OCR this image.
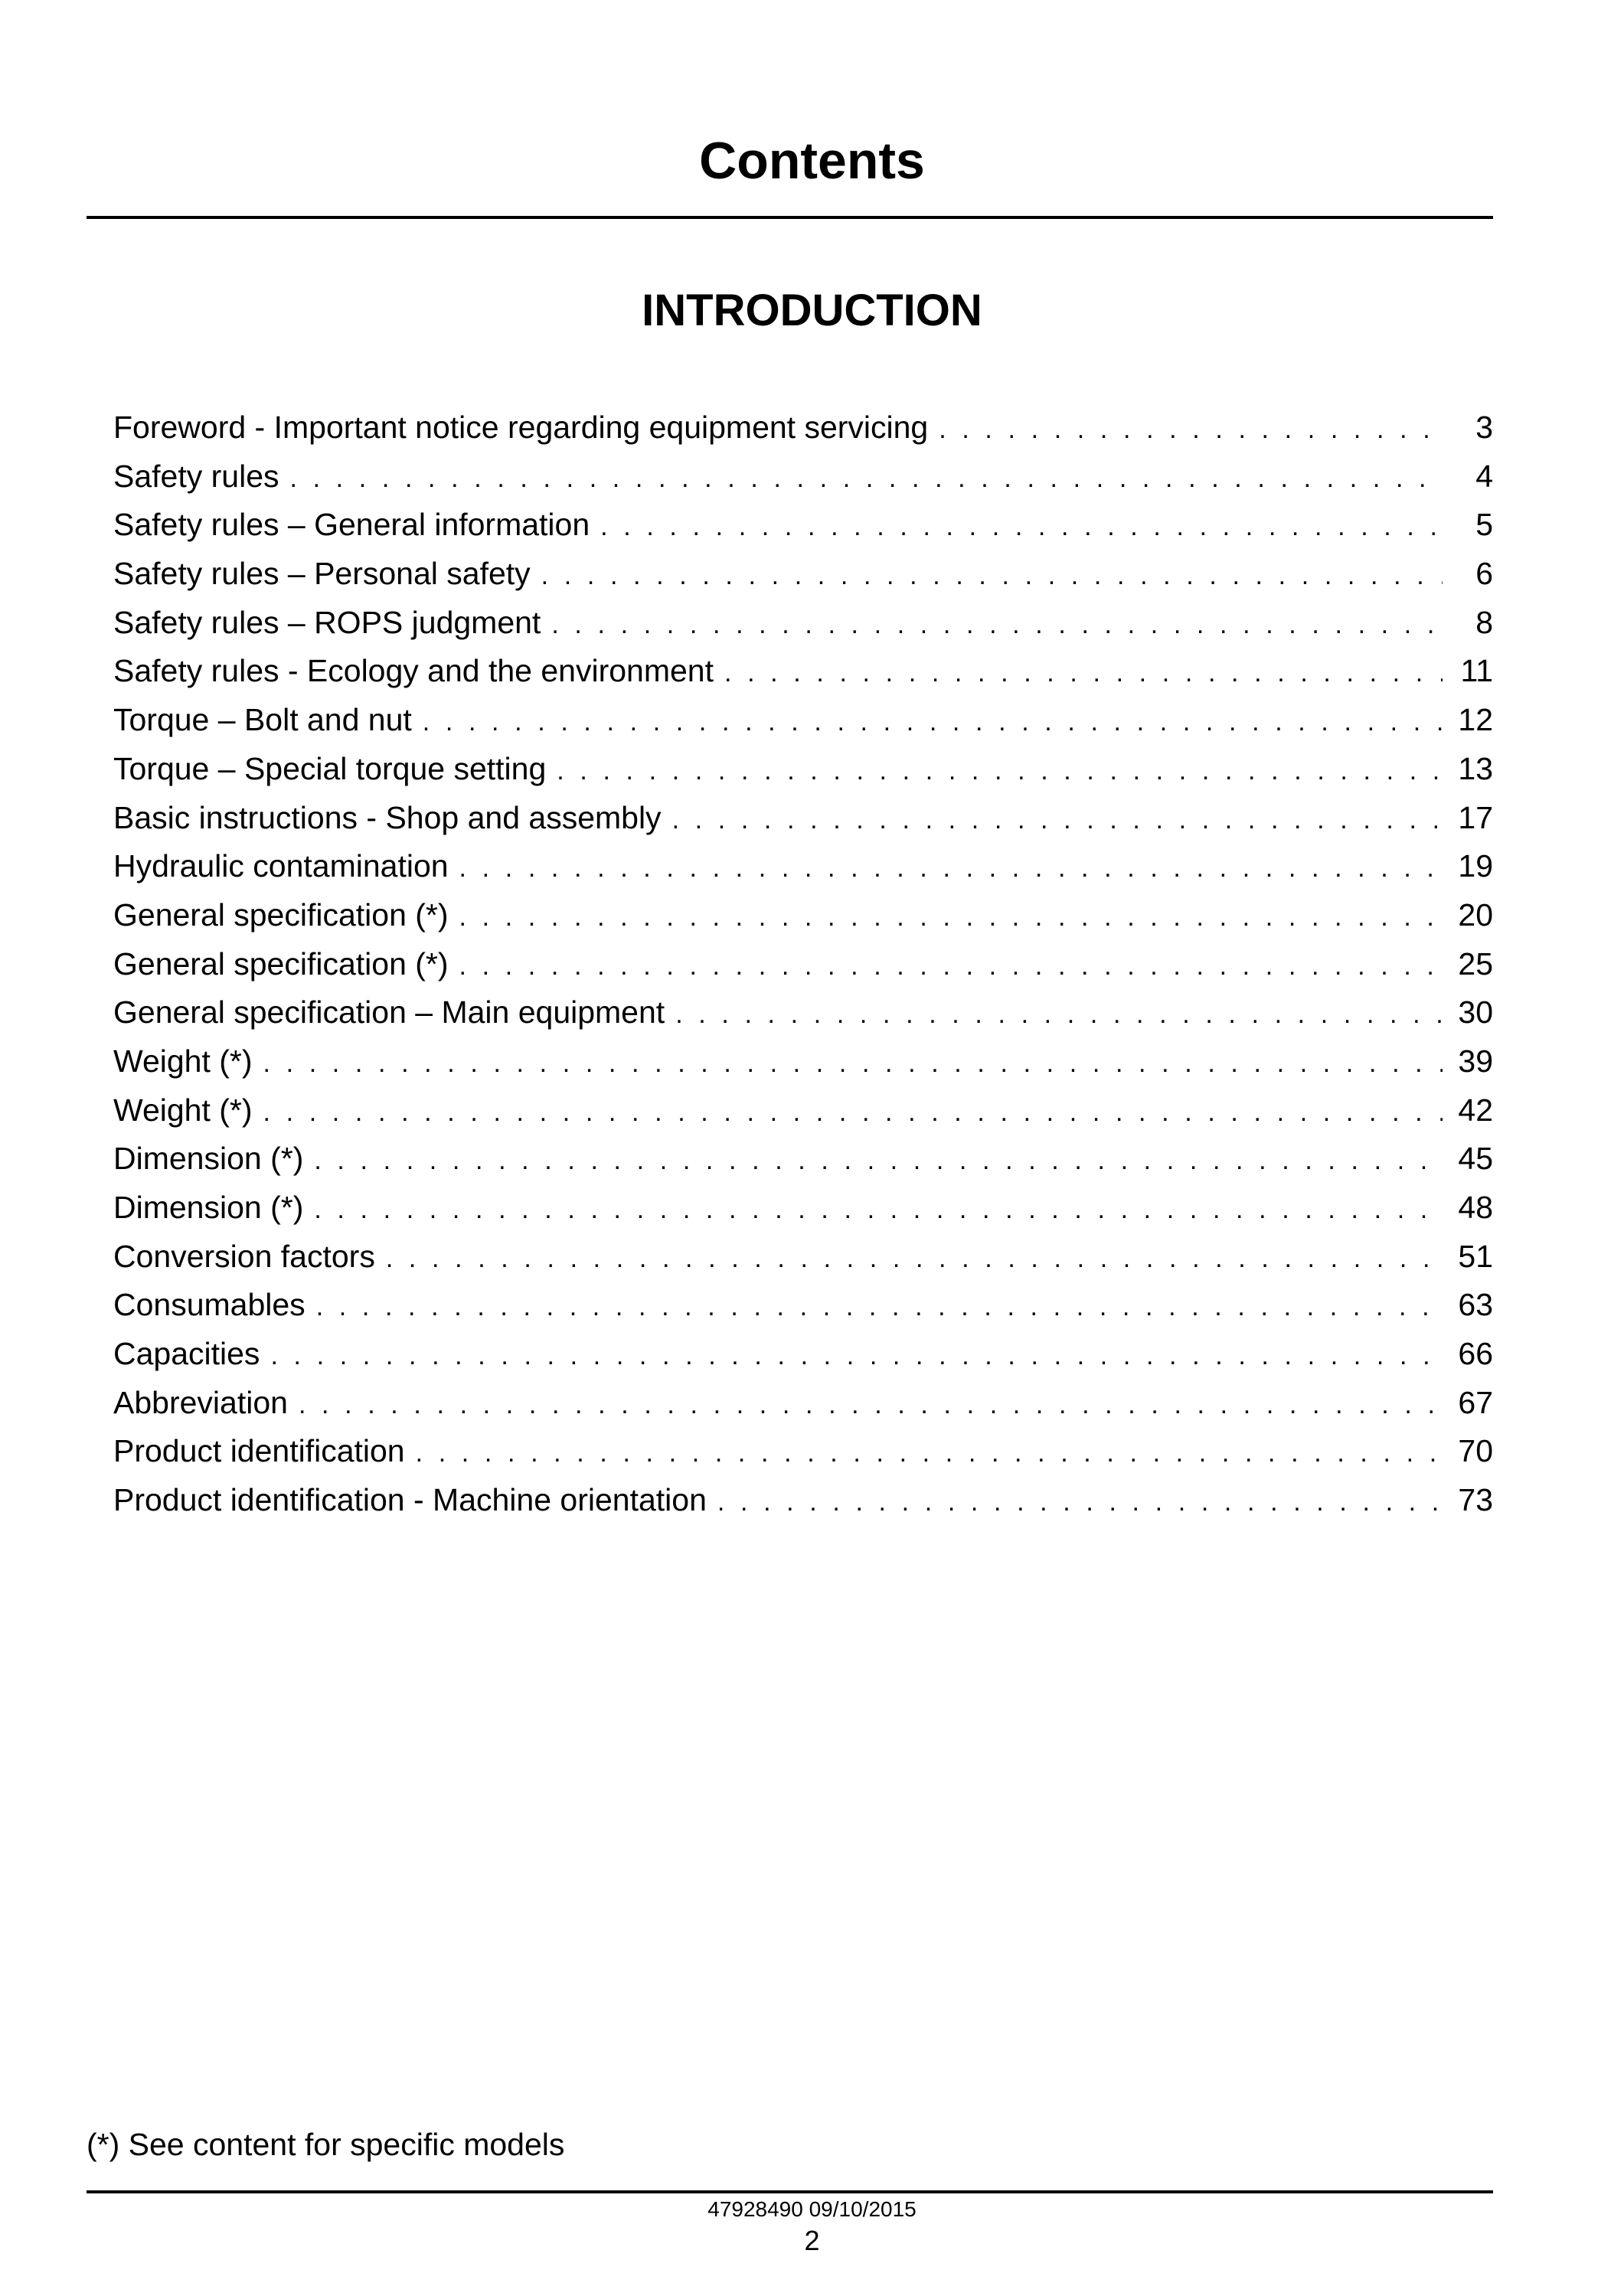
Contents
INTRODUCTION
Foreword - Important notice regarding equipment servicing . . .	3
Safety rules . . .	4
Safety rules – General information . . .	5
Safety rules – Personal safety . . .	6
Safety rules – ROPS judgment . . .	8
Safety rules - Ecology and the environment . . .	11
Torque – Bolt and nut . . .	12
Torque – Special torque setting . . .	13
Basic instructions - Shop and assembly . . .	17
Hydraulic contamination . . .	19
General specification (*) . . .	20
General specification (*) . . .	25
General specification – Main equipment . . .	30
Weight (*) . . .	39
Weight (*) . . .	42
Dimension (*) . . .	45
Dimension (*) . . .	48
Conversion factors . . .	51
Consumables . . .	63
Capacities . . .	66
Abbreviation . . .	67
Product identification . . .	70
Product identification - Machine orientation . . .	73

(*) See content for specific models

47928490 09/10/2015
2
